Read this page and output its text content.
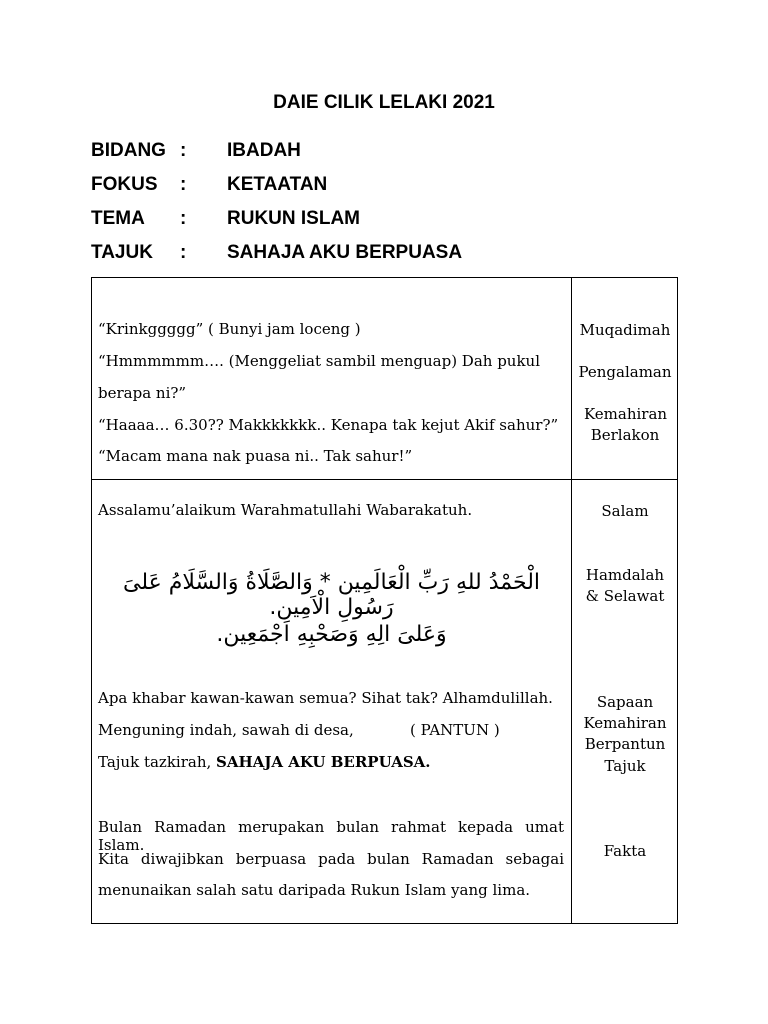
DAIE CILIK LELAKI 2021
BIDANG : IBADAH
FOKUS : KETAATAN
TEMA : RUKUN ISLAM
TAJUK : SAHAJA AKU BERPUASA
“Krinkggggg” ( Bunyi jam loceng )
“Hmmmmmm…. (Menggeliat sambil menguap) Dah pukul
berapa ni?”
“Haaaa… 6.30?? Makkkkkkk.. Kenapa tak kejut Akif sahur?”
“Macam mana nak puasa ni.. Tak sahur!”
Muqadimah
Pengalaman
Kemahiran Berlakon
Assalamu’alaikum Warahmatullahi Wabarakatuh.	Salam
الْحَمْدُ للهِ رَبِّ الْعَالَمِين * وَالصَّلَاةُ وَالسَّلَامُ عَلىَ رَسُولِ الْاَمِين.
وَعَلىَ الِهِ وَصَحْبِهِ اَجْمَعِين.
Hamdalah & Selawat
Apa khabar kawan-kawan semua? Sihat tak? Alhamdulillah.
Menguning indah, sawah di desa,	( PANTUN )
Tajuk tazkirah, SAHAJA AKU BERPUASA.
Sapaan
Kemahiran
Berpantun
Tajuk
Bulan Ramadan merupakan bulan rahmat kepada umat Islam.
Kita diwajibkan berpuasa pada bulan Ramadan sebagai
menunaikan salah satu daripada Rukun Islam yang lima.
Fakta
